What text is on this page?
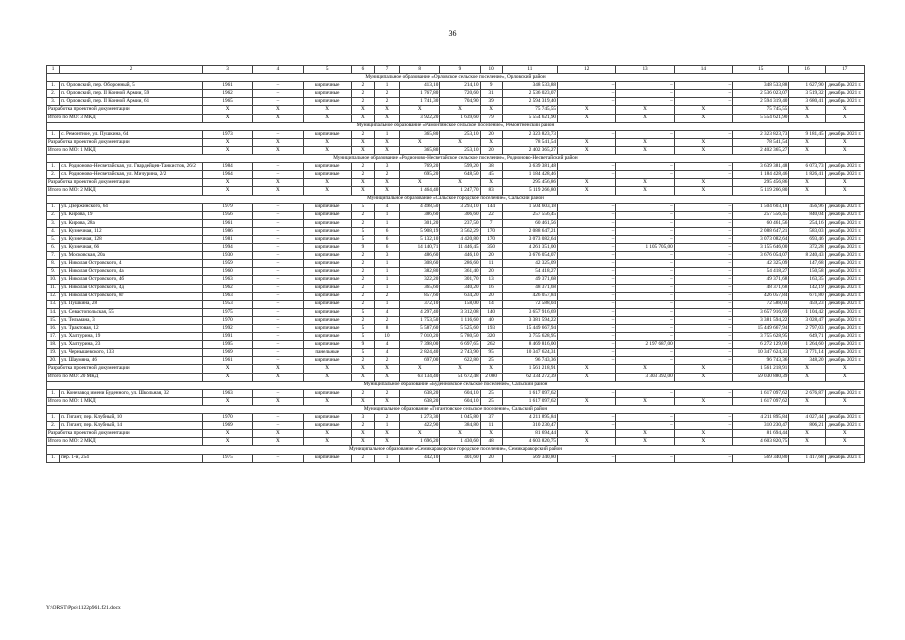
36
1	2	3	4	5	6	7	8	9	10	11	12	13	14	15	16	17
Муниципальное образование «Орловское сельское поселение», Орловский район																
1.	п. Орловский, пер. Оборонный, 5	1961	–	кирпичные	2	1	413,10	214,10	9	348 533,88	–	–	–	348 533,88	1 627,90	декабрь 2021 г.
2.	п. Орловский, пер. II Конной Армии, 59	1962	–	кирпичные	2	2	1 767,80	720,60	31	2 536 023,07	–	–	–	2 536 023,07	3 519,32	декабрь 2021 г.
3.	п. Орловский, пер. II Конной Армии, 61	1965	–	кирпичные	2	2	1 741,30	704,90	39	2 594 319,40	–	–	–	2 594 319,40	3 680,41	декабрь 2021 г.
Разработка проектной документации		X	X	X	X	X	X	X	X	75 745,55	X	X	X	75 745,55	X	X
Итого по МО: 3 МКД		X	X	X	X	X	3 922,20	1 639,60	79	5 554 621,90	X	X	X	5 554 621,90	X	X
Муниципальное образование «Рамонтянское сельское поселение», Ремонтненский район																
1.	с. Ремонтное, ул. Пушкина, 64	1973	–	кирпичные	2	1	365,80	253,10	20	2 323 823,73	–	–	–	2 323 823,73	9 181,45	декабрь 2021 г.
Разработка проектной документации		X	X	X	X	X	X	X	X	78 541,54	X	X	X	78 541,54	X	X
Итого по МО: 1 МКД		X	X	X	X	X	365,80	253,10	20	2 402 365,27	X	X	X	2 402 365,27	X	X
Муниципальное образование «Родионово-Несветайское сельское поселение», Родионово-Несветайский район																
1.	сл. Родионово-Несветайская, ул. Гвардейцев-Танкистов, 26/2	1984	–	кирпичные	2	3	769,20	599,20	38	3 639 381,48	–	–	–	3 639 381,48	6 073,73	декабрь 2021 г.
2.	сл. Родионово-Несветайская, ул. Мичурина, 2/2	1964	–	кирпичные	2	2	695,20	648,50	45	1 184 428,46	–	–	–	1 184 428,46	1 826,41	декабрь 2021 г.
Разработка проектной документации		X	X	X	X	X	X	X	X	295 456,86	X	X	X	295 456,86	X	X
Итого по МО: 2 МКД		X	X	X	X	X	1 464,40	1 247,70	83	5 119 266,80	X	X	X	5 119 266,80	X	X
Муниципальное образование «Сальское городское поселение», Сальский район																
1.	ул. Дзержинского, 64	1979	–	кирпичные	5	4	4 498,50	3 293,10	144	1 504 603,18	–	–	–	1 504 603,18	456,96	декабрь 2021 г.
2.	ул. Кирова, 19	1956	–	кирпичные	2	1	386,60	306,60	22	257 556,45	–	–	–	257 556,45	840,04	декабрь 2021 г.
3.	ул. Кирова, 28а	1961	–	кирпичные	2	1	301,20	237,50	7	60 461,56	–	–	–	60 461,56	254,16	декабрь 2021 г.
4.	ул. Кузнечная, 112	1986	–	кирпичные	5	6	5 908,19	3 562,29	170	2 088 647,21	–	–	–	2 088 647,21	583,03	декабрь 2021 г.
5.	ул. Кузнечная, 128	1981	–	кирпичные	5	6	5 132,10	4 420,80	170	3 073 082,64	–	–	–	3 073 082,64	693,46	декабрь 2021 г.
6.	ул. Кузнечная, 66	1994	–	кирпичные	9	6	14 140,71	11 446,45	350	4 261 351,00	–	1 105 705,00	–	3 155 646,00	372,28	декабрь 2021 г.
7.	ул. Московская, 20а	1930	–	кирпичные	2	3	486,60	446,10	20	3 676 054,07	–	–	–	3 676 054,07	8 240,43	декабрь 2021 г.
8.	ул. Николая Островского, 4	1959	–	кирпичные	2	1	308,60	286,60	11	42 325,09	–	–	–	42 325,09	147,68	декабрь 2021 г.
9.	ул. Николая Островского, 4а	1960	–	кирпичные	2	1	382,80	361,40	20	54 418,27	–	–	–	54 418,27	150,58	декабрь 2021 г.
10.	ул. Николая Островского, 4б	1963	–	кирпичные	2	1	322,20	301,70	13	49 371,68	–	–	–	49 371,68	163,35	декабрь 2021 г.
11.	ул. Николая Островского, 4д	1962	–	кирпичные	2	1	365,60	340,20	16	48 371,68	–	–	–	48 371,68	142,19	декабрь 2021 г.
12.	ул. Николая Островского, 8г	1963	–	кирпичные	2	2	857,60	634,20	20	426 057,84	–	–	–	426 057,84	671,80	декабрь 2021 г.
13.	ул. Пушкина, 28	1953	–	кирпичные	2	1	372,10	158,00	14	72 588,04	–	–	–	72 588,04	459,23	декабрь 2021 г.
14.	ул. Севастопольская, 55	1975	–	кирпичные	5	4	4 297,40	3 312,08	140	3 657 916,69	–	–	–	3 657 916,69	1 104,42	декабрь 2021 г.
15.	ул. Тельмана, 3	1970	–	кирпичные	2	2	1 753,50	1 116,60	40	3 381 594,22	–	–	–	3 381 594,22	3 028,47	декабрь 2021 г.
16.	ул. Трактовая, 12	1992	–	кирпичные	5	8	5 587,60	5 525,60	193	15 449 667,94	–	–	–	15 449 667,94	2 797,03	декабрь 2021 г.
17.	ул. Халтурина, 19	1991	–	кирпичные	5	10	7 010,20	5 780,50	320	3 755 628,95	–	–	–	3 755 628,95	649,71	декабрь 2021 г.
18.	ул. Халтурина, 23	1995	–	кирпичные	9	4	7 398,00	6 697,65	262	8 469 816,00	–	2 197 687,00	–	6 272 129,00	1 264,60	декабрь 2021 г.
19.	ул. Чернышевского, 133	1969	–	панельные	5	4	2 824,40	2 743,90	95	10 347 624,31	–	–	–	10 347 624,31	3 771,14	декабрь 2021 г.
20.	ул. Шаумяна, 46	1961	–	кирпичные	2	2	697,00	622,80	25	96 743,36	–	–	–	96 743,36	348,20	декабрь 2021 г.
Разработка проектной документации		X	X	X	X	X	X	X	X	1 561 218,91	X	X	X	1 561 218,91	X	X
Итого по МО: 20 МКД		X	X	X	X	X	63 134,40	51 672,48	2 080	62 334 272,39	X	3 303 392,00	X	59 030 880,39	X	X
Муниципальное образование «Буденновское сельское поселение», Сальский район																
1.	п. Конезавод имени Буденного, ул. Школьная, 32	1963	–	кирпичные	2	2	638,20	604,10	25	1 617 097,62	–	–	–	1 617 097,62	2 676,87	декабрь 2021 г.
Итого по МО: 1 МКД		X	X	X	X	X	638,20	604,10	25	1 617 097,62	X	X	X	1 617 097,62	X	X
Муниципальное образование «Гигантовское сельское поселение», Сальский район																
1.	п. Гигант, пер. Клубный, 10	1970	–	кирпичные	3	2	1 273,30	1 045,80	37	4 211 895,84	–	–	–	4 211 895,84	4 027,44	декабрь 2021 г.
2.	п. Гигант, пер. Клубный, 14	1969	–	кирпичные	2	1	422,90	384,80	11	310 230,47	–	–	–	310 230,47	806,21	декабрь 2021 г.
Разработка проектной документации		X	X	X	X	X	X	X	X	81 694,44	X	X	X	81 694,44	X	X
Итого по МО: 2 МКД		X	X	X	X	X	1 696,20	1 430,60	48	4 603 820,75	X	X	X	4 603 820,75	X	X
Муниципальное образование «Семикаракорское городское поселение», Семикаракорский район																
1.	пер. 1-й, 254	1975	–	кирпичные	2	1	442,10	401,60	20	569 340,80	–	–	–	569 340,80	1 417,68	декабрь 2021 г.
Y:\ORST\Ppo\1122p961.f21.docx
